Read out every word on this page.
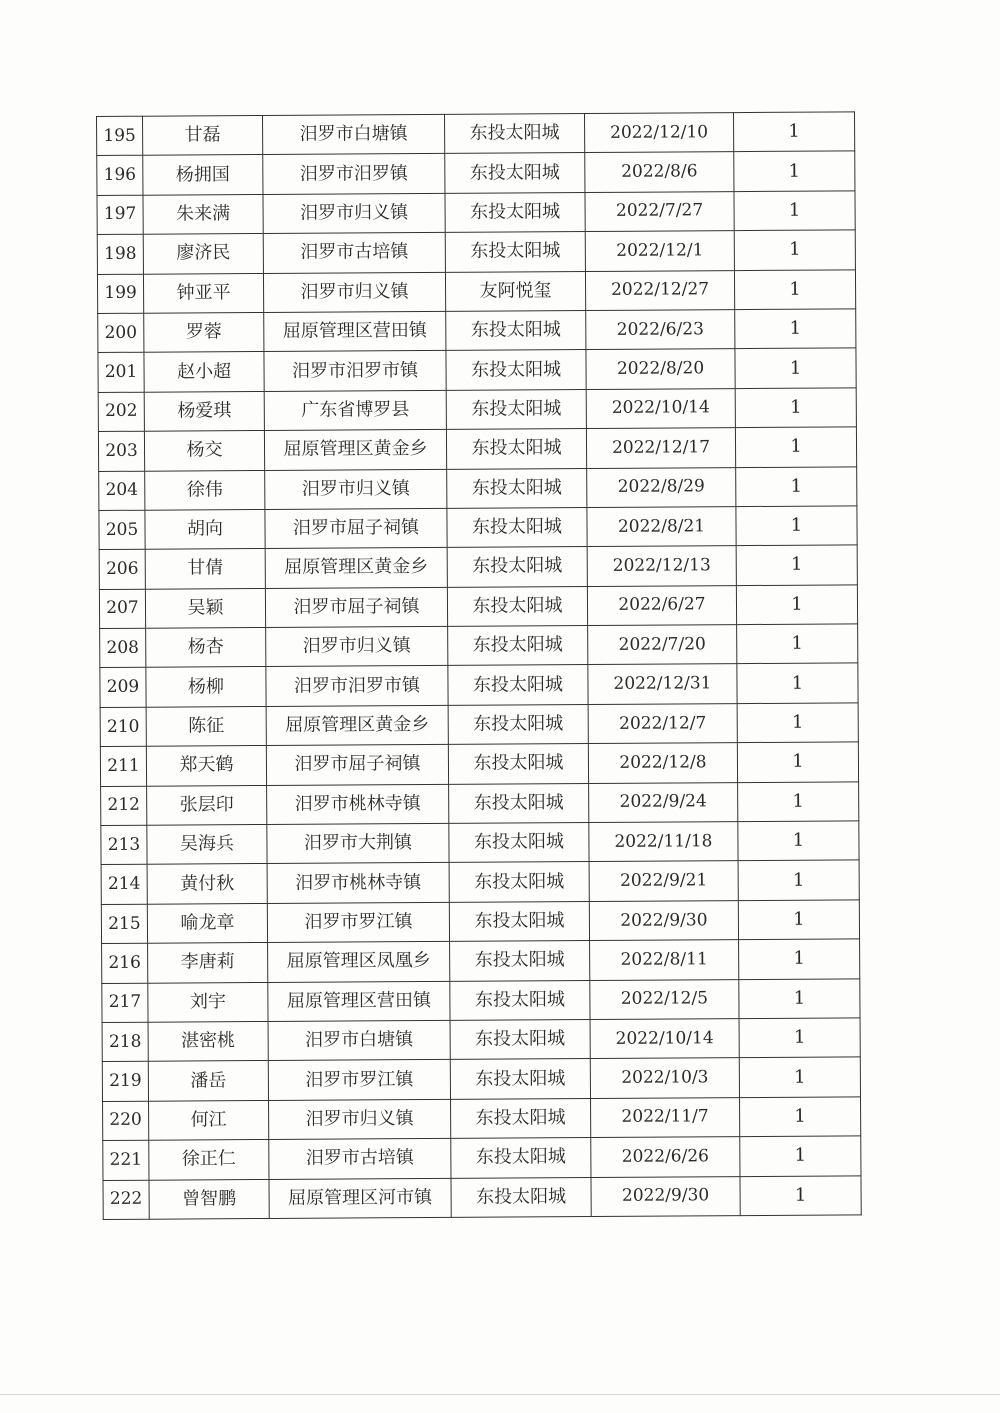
195	甘磊	汨罗市白塘镇	东投太阳城	2022/12/10	1
196	杨拥国	汨罗市汨罗镇	东投太阳城	2022/8/6	1
197	朱来满	汨罗市归义镇	东投太阳城	2022/7/27	1
198	廖济民	汨罗市古培镇	东投太阳城	2022/12/1	1
199	钟亚平	汨罗市归义镇	友阿悦玺	2022/12/27	1
200	罗蓉	屈原管理区营田镇	东投太阳城	2022/6/23	1
201	赵小超	汨罗市汨罗市镇	东投太阳城	2022/8/20	1
202	杨爱琪	广东省博罗县	东投太阳城	2022/10/14	1
203	杨交	屈原管理区黄金乡	东投太阳城	2022/12/17	1
204	徐伟	汨罗市归义镇	东投太阳城	2022/8/29	1
205	胡向	汨罗市屈子祠镇	东投太阳城	2022/8/21	1
206	甘倩	屈原管理区黄金乡	东投太阳城	2022/12/13	1
207	吴颖	汨罗市屈子祠镇	东投太阳城	2022/6/27	1
208	杨杏	汨罗市归义镇	东投太阳城	2022/7/20	1
209	杨柳	汨罗市汨罗市镇	东投太阳城	2022/12/31	1
210	陈征	屈原管理区黄金乡	东投太阳城	2022/12/7	1
211	郑天鹤	汨罗市屈子祠镇	东投太阳城	2022/12/8	1
212	张层印	汨罗市桃林寺镇	东投太阳城	2022/9/24	1
213	吴海兵	汨罗市大荆镇	东投太阳城	2022/11/18	1
214	黄付秋	汨罗市桃林寺镇	东投太阳城	2022/9/21	1
215	喻龙章	汨罗市罗江镇	东投太阳城	2022/9/30	1
216	李唐莉	屈原管理区凤凰乡	东投太阳城	2022/8/11	1
217	刘宇	屈原管理区营田镇	东投太阳城	2022/12/5	1
218	湛密桃	汨罗市白塘镇	东投太阳城	2022/10/14	1
219	潘岳	汨罗市罗江镇	东投太阳城	2022/10/3	1
220	何江	汨罗市归义镇	东投太阳城	2022/11/7	1
221	徐正仁	汨罗市古培镇	东投太阳城	2022/6/26	1
222	曾智鹏	屈原管理区河市镇	东投太阳城	2022/9/30	1
